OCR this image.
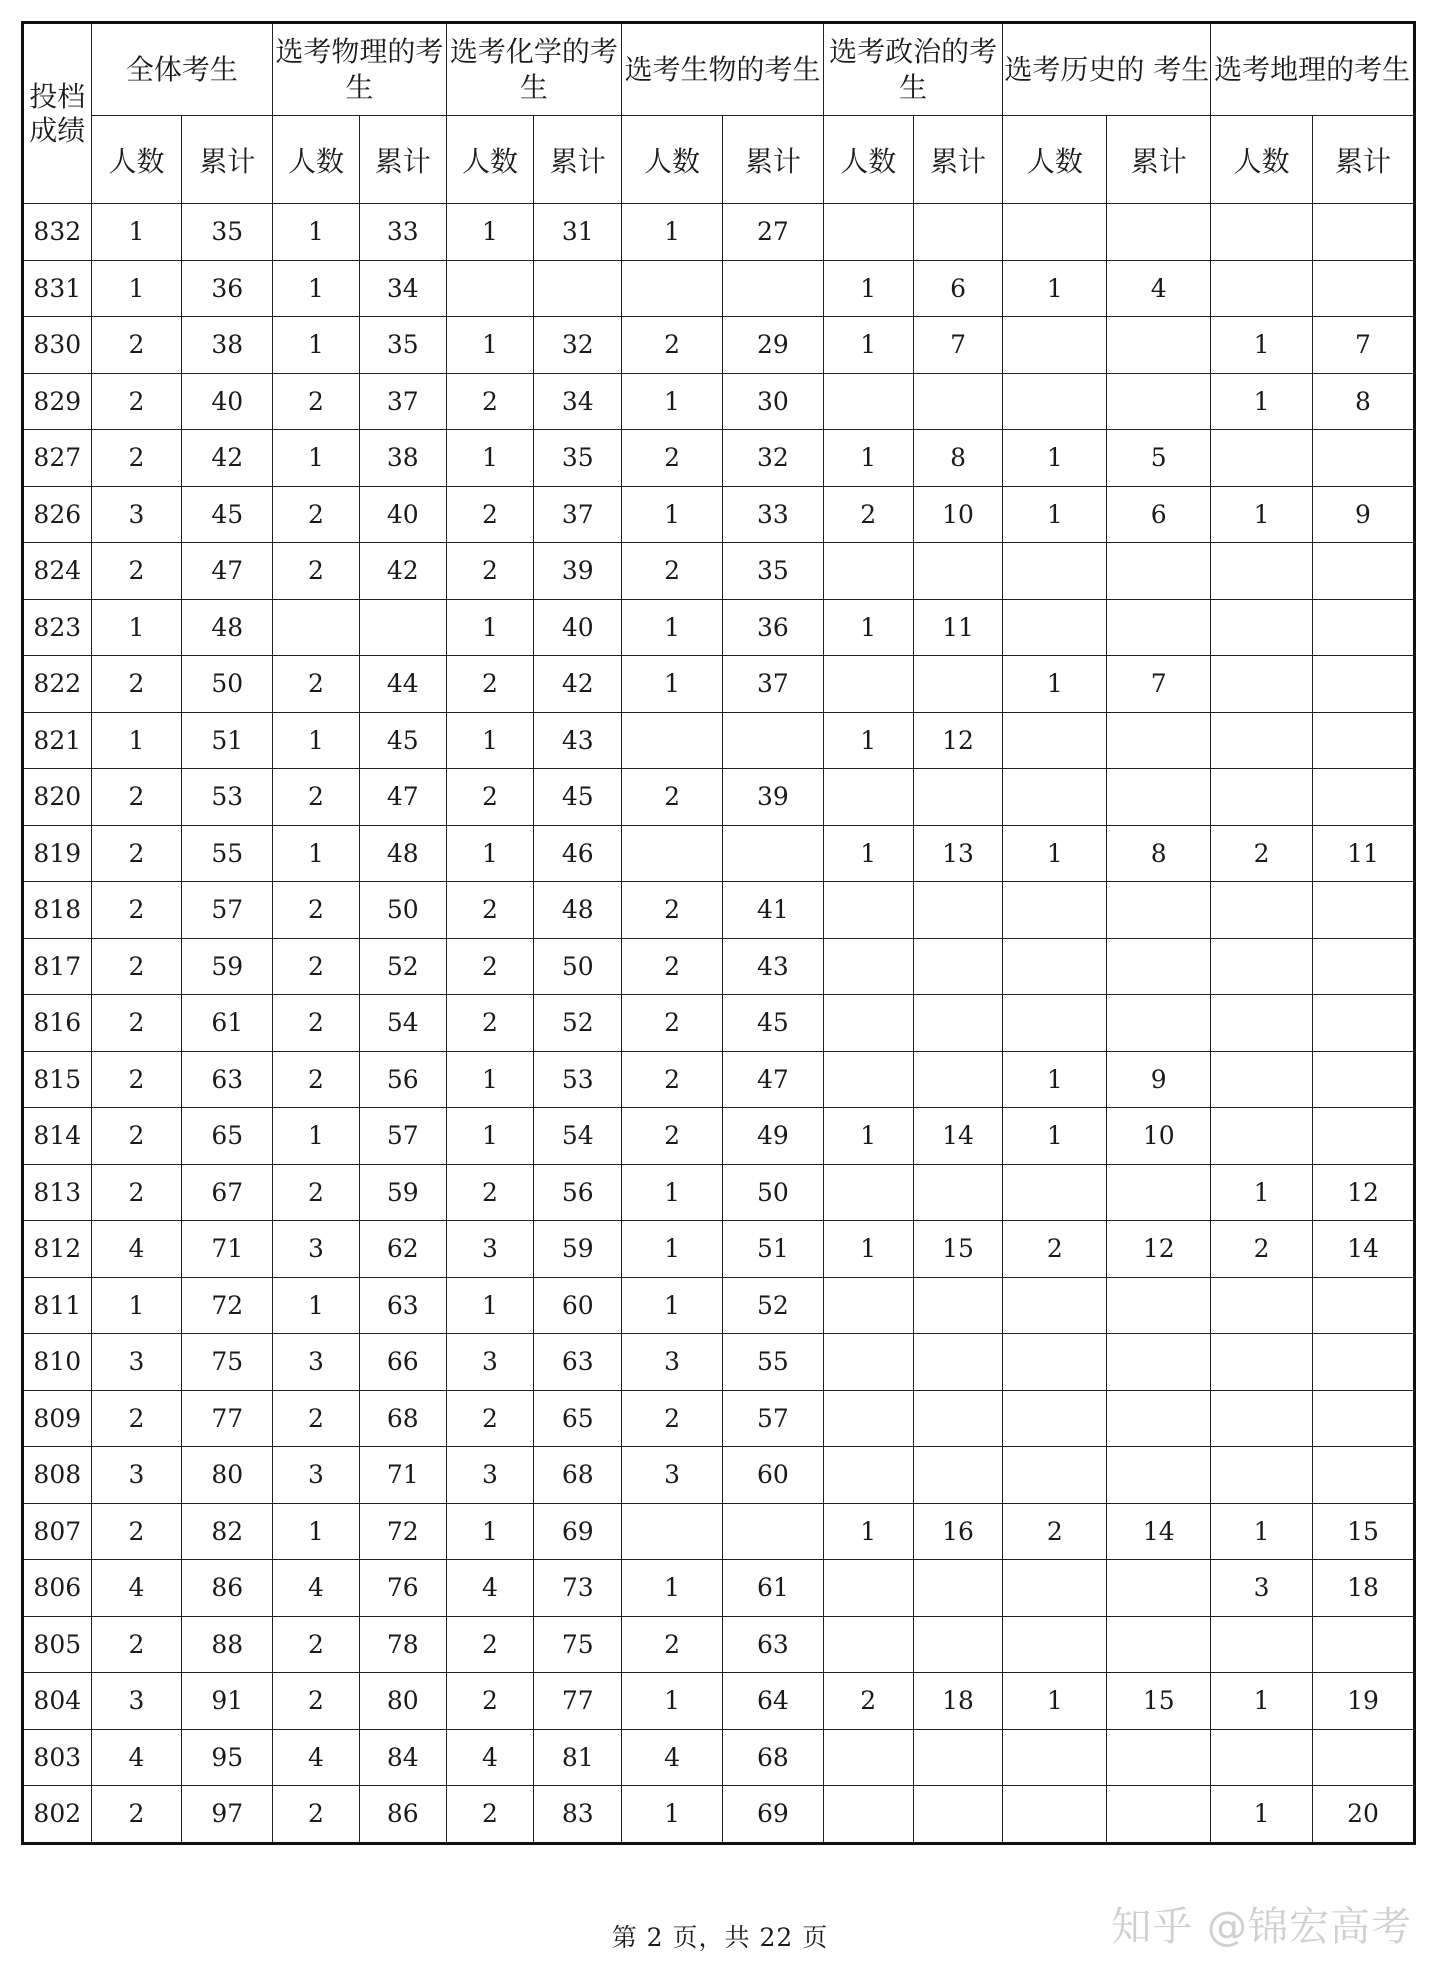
投档成绩	全体考生		选考物理的考生		选考化学的考生		选考生物的考生		选考政治的考生		选考历史的 考生		选考地理的考生	
	人数	累计	人数	累计	人数	累计	人数	累计	人数	累计	人数	累计	人数	累计
832	1	35	1	33	1	31	1	27						
831	1	36	1	34					1	6	1	4		
830	2	38	1	35	1	32	2	29	1	7			1	7
829	2	40	2	37	2	34	1	30					1	8
827	2	42	1	38	1	35	2	32	1	8	1	5		
826	3	45	2	40	2	37	1	33	2	10	1	6	1	9
824	2	47	2	42	2	39	2	35						
823	1	48			1	40	1	36	1	11				
822	2	50	2	44	2	42	1	37			1	7		
821	1	51	1	45	1	43			1	12				
820	2	53	2	47	2	45	2	39						
819	2	55	1	48	1	46			1	13	1	8	2	11
818	2	57	2	50	2	48	2	41						
817	2	59	2	52	2	50	2	43						
816	2	61	2	54	2	52	2	45						
815	2	63	2	56	1	53	2	47			1	9		
814	2	65	1	57	1	54	2	49	1	14	1	10		
813	2	67	2	59	2	56	1	50					1	12
812	4	71	3	62	3	59	1	51	1	15	2	12	2	14
811	1	72	1	63	1	60	1	52						
810	3	75	3	66	3	63	3	55						
809	2	77	2	68	2	65	2	57						
808	3	80	3	71	3	68	3	60						
807	2	82	1	72	1	69			1	16	2	14	1	15
806	4	86	4	76	4	73	1	61					3	18
805	2	88	2	78	2	75	2	63						
804	3	91	2	80	2	77	1	64	2	18	1	15	1	19
803	4	95	4	84	4	81	4	68						
802	2	97	2	86	2	83	1	69					1	20
第 2 页，共 22 页	知乎 @锦宏高考
